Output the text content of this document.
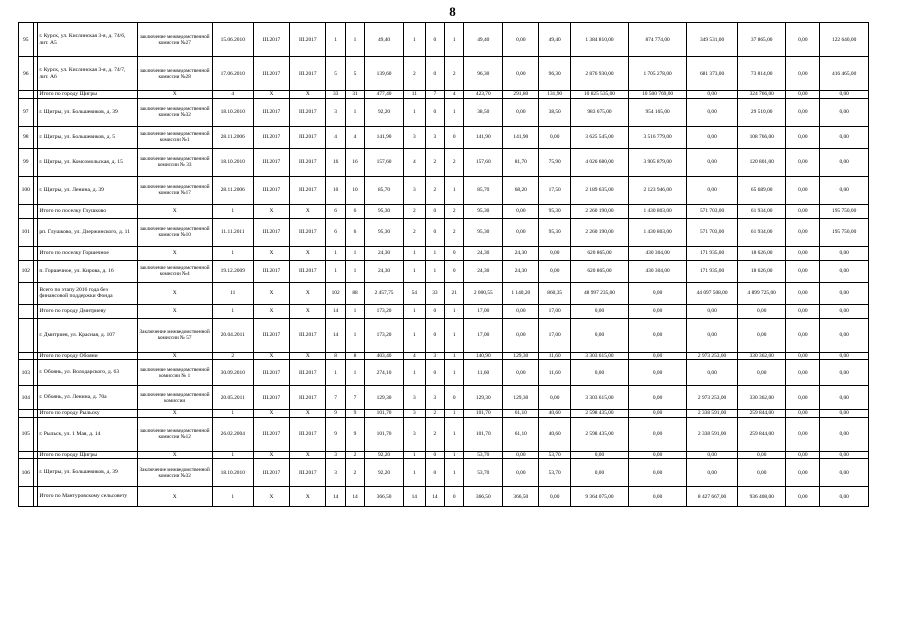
8
95		г. Курск, ул. Кислинская 3-я, д. 74/6, лит. А5	заключение межведомственной комиссии №27	15.06.2010	III.2017	III.2017	1	1	49,40	1	0	1	49,40	0,00	49,40	1 384 810,00	874 774,00	349 531,00	37 865,00	0,00	122 640,00
96		г. Курск, ул. Кислинская 3-я, д. 74/7, лит. А6	заключение межведомственной комиссии №28	17.06.2010	III.2017	III.2017	5	5	139,60	2	0	2	96,30	0,00	96,30	2 876 930,00	1 705 278,00	681 373,00	73 814,00	0,00	416 465,00
		Итого по городу Щигры	Х	4	Х	Х	33	31	477,40	11	7	4	423,70	291,80	131,90	10 825 535,00	10 500 769,00	0,00	324 766,00	0,00	0,00
97		г. Щигры, ул. Большевиков, д. 39	заключение межведомственной комиссии №32	18.10.2010	III.2017	III.2017	3	1	92,20	1	0	1	38,50	0,00	38,50	983 675,00	954 165,00	0,00	29 510,00	0,00	0,00
98		г. Щигры, ул. Большевиков, д. 5	заключение межведомственной комиссии №1	28.11.2006	III.2017	III.2017	4	4	141,90	3	3	0	141,90	141,90	0,00	3 625 545,00	3 516 779,00	0,00	108 766,00	0,00	0,00
99		г. Щигры, ул. Комсомольская, д. 15	заключение межведомственной комиссии № 33	18.10.2010	III.2017	III.2017	16	16	157,60	4	2	2	157,60	81,70	75,90	4 026 680,00	3 905 879,00	0,00	120 801,00	0,00	0,00
100		г. Щигры, ул. Ленина, д. 39	заключение межведомственной комиссии №17	28.11.2006	III.2017	III.2017	10	10	85,70	3	2	1	85,70	68,20	17,50	2 189 635,00	2 123 946,00	0,00	65 689,00	0,00	0,00
		Итого по поселку Глушково	Х	1	Х	Х	6	6	95,30	2	0	2	95,30	0,00	95,30	2 260 190,00	1 430 803,00	571 703,00	61 934,00	0,00	195 750,00
101		рп. Глушково, ул. Дзержинского, д. 11	заключение межведомственной комиссии №10	11.11.2011	III.2017	III.2017	6	6	95,30	2	0	2	95,30	0,00	95,30	2 260 190,00	1 430 803,00	571 703,00	61 934,00	0,00	195 750,00
		Итого по поселку Горшечное	Х	1	Х	Х	1	1	24,30	1	1	0	24,30	24,30	0,00	620 865,00	430 304,00	171 935,00	18 626,00	0,00	0,00
102		п. Горшечное, ул. Кирова, д. 16	заключение межведомственной комиссии №4	19.12.2009	III.2017	III.2017	1	1	24,30	1	1	0	24,30	24,30	0,00	620 865,00	430 304,00	171 935,00	18 626,00	0,00	0,00
		Всего по этапу 2016 года без финансовой поддержки Фонда	Х	11	Х	Х	102	88	2 457,75	54	33	21	2 000,55	1 140,20	860,35	48 997 235,00	0,00	44 097 508,00	4 899 725,00	0,00	0,00
		Итого по городу Дмитриеву	Х	1	Х	Х	14	1	173,20	1	0	1	17,00	0,00	17,00	0,00	0,00	0,00	0,00	0,00	0,00
		г. Дмитриев, ул. Красная, д. 107	Заключение межведомственной комиссии № 57	20.04.2011	III.2017	III.2017	14	1	173,20	1	0	1	17,00	0,00	17,00	0,00	0,00	0,00	0,00	0,00	0,00
		Итого по городу Обояни	Х	2	Х	Х	8	8	403,40	4	3	1	140,90	129,30	11,60	3 303 615,00	0,00	2 973 253,00	330 362,00	0,00	0,00
103		г. Обоянь, ул. Володарского, д. 63	заключение межведомственной комиссии № 1	30.09.2010	III.2017	III.2017	1	1	274,10	1	0	1	11,60	0,00	11,60	0,00	0,00	0,00	0,00	0,00	0,00
104		г. Обоянь, ул. Ленина, д. 70а	заключение межведомственной комиссии	20.05.2011	III.2017	III.2017	7	7	129,30	3	3	0	129,30	129,30	0,00	3 303 615,00	0,00	2 973 253,00	330 362,00	0,00	0,00
		Итого по городу Рыльску	Х	1	Х	Х	9	9	101,70	3	2	1	101,70	61,10	40,60	2 598 435,00	0,00	2 338 591,00	259 844,00	0,00	0,00
105		г. Рыльск, ул. 1 Мая, д. 14	заключение межведомственной комиссии №12	26.02.2004	III.2017	III.2017	9	9	101,70	3	2	1	101,70	61,10	40,60	2 598 435,00	0,00	2 338 591,00	259 844,00	0,00	0,00
		Итого по городу Щигры	Х	1	Х	Х	3	2	92,20	1	0	1	53,70	0,00	53,70	0,00	0,00	0,00	0,00	0,00	0,00
106		г. Щигры, ул. Большевиков, д. 39	Заключение межведомственной комиссии №32	18.10.2010	III.2017	III.2017	3	2	92,20	1	0	1	53,70	0,00	53,70	0,00	0,00	0,00	0,00	0,00	0,00
		Итого по Мантуровскому сельсовету	Х	1	Х	Х	14	14	366,50	14	14	0	366,50	366,50	0,00	9 364 075,00	0,00	8 427 667,00	936 408,00	0,00	0,00
